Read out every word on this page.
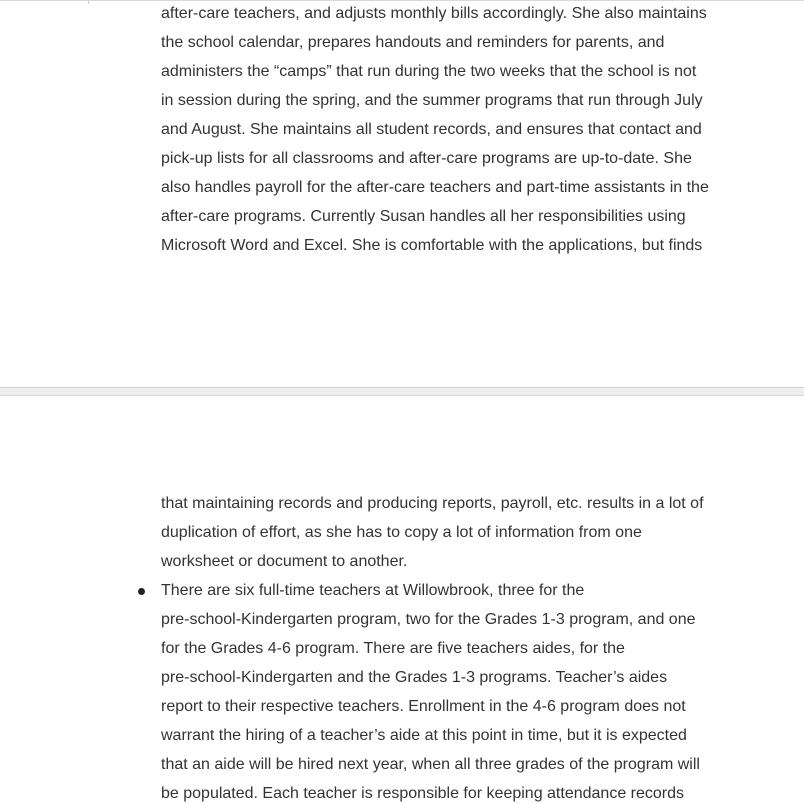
after-care teachers, and adjusts monthly bills accordingly. She also maintains
the school calendar, prepares handouts and reminders for parents, and
administers the “camps” that run during the two weeks that the school is not
in session during the spring, and the summer programs that run through July
and August. She maintains all student records, and ensures that contact and
pick-up lists for all classrooms and after-care programs are up-to-date. She
also handles payroll for the after-care teachers and part-time assistants in the
after-care programs. Currently Susan handles all her responsibilities using
Microsoft Word and Excel. She is comfortable with the applications, but finds
that maintaining records and producing reports, payroll, etc. results in a lot of
duplication of effort, as she has to copy a lot of information from one
worksheet or document to another.
There are six full-time teachers at Willowbrook, three for the
pre-school-Kindergarten program, two for the Grades 1-3 program, and one
for the Grades 4-6 program. There are five teachers aides, for the
pre-school-Kindergarten and the Grades 1-3 programs. Teacher’s aides
report to their respective teachers. Enrollment in the 4-6 program does not
warrant the hiring of a teacher’s aide at this point in time, but it is expected
that an aide will be hired next year, when all three grades of the program will
be populated. Each teacher is responsible for keeping attendance records
